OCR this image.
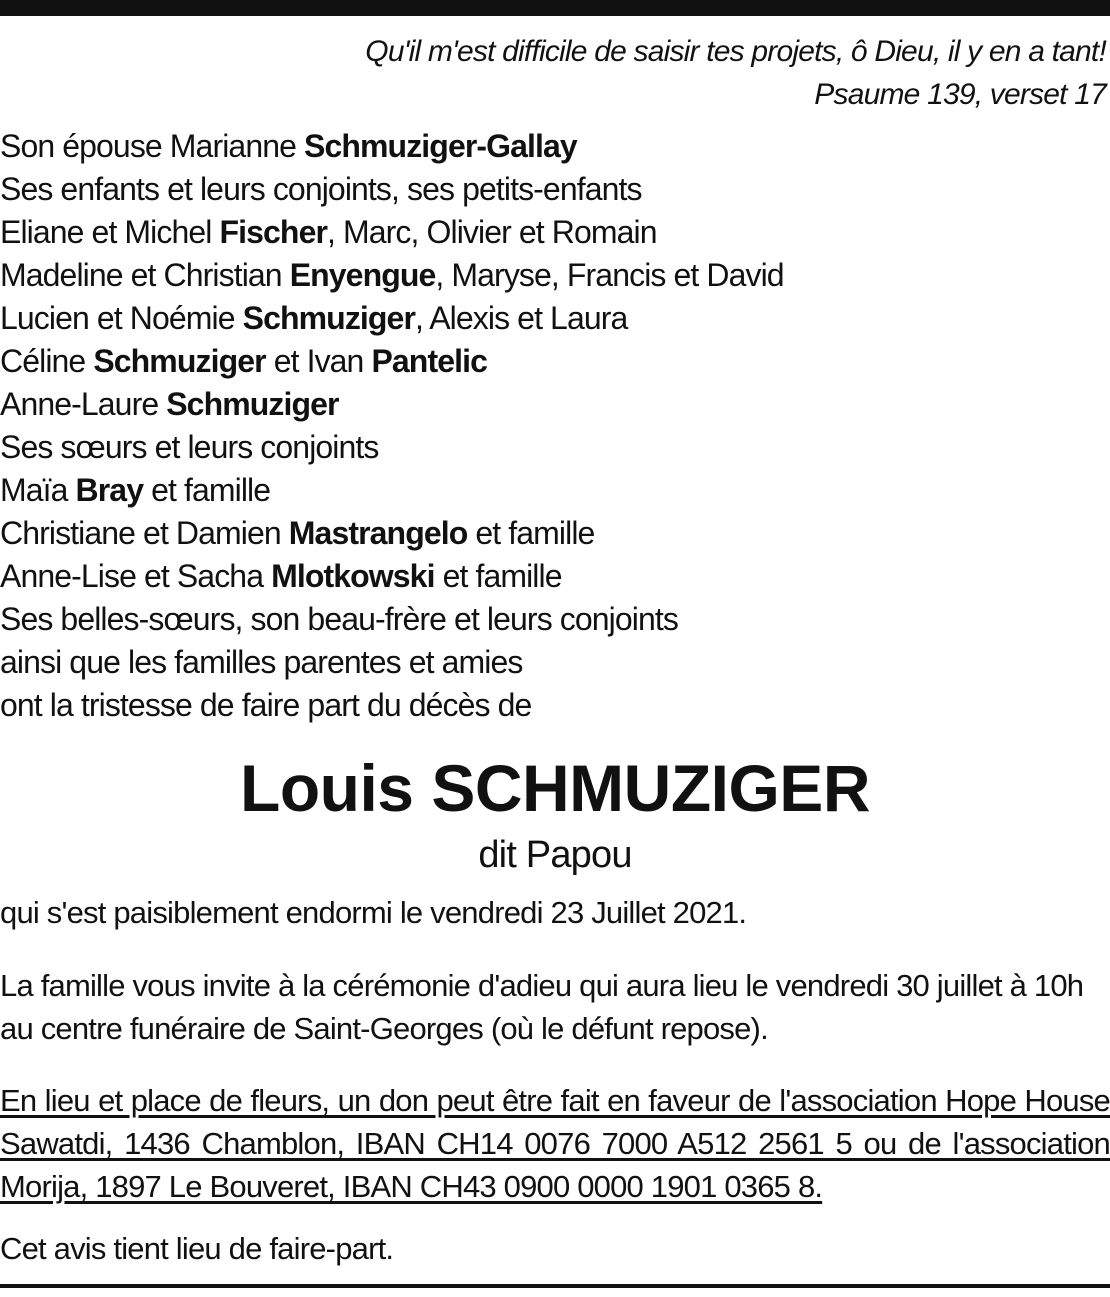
Qu'il m'est difficile de saisir tes projets, ô Dieu, il y en a tant!
Psaume 139, verset 17
Son épouse Marianne Schmuziger-Gallay
Ses enfants et leurs conjoints, ses petits-enfants
Eliane et Michel Fischer, Marc, Olivier et Romain
Madeline et Christian Enyengue, Maryse, Francis et David
Lucien et Noémie Schmuziger, Alexis et Laura
Céline Schmuziger et Ivan Pantelic
Anne-Laure Schmuziger
Ses sœurs et leurs conjoints
Maïa Bray et famille
Christiane et Damien Mastrangelo et famille
Anne-Lise et Sacha Mlotkowski et famille
Ses belles-sœurs, son beau-frère et leurs conjoints
ainsi que les familles parentes et amies
ont la tristesse de faire part du décès de
Louis SCHMUZIGER
dit Papou
qui s'est paisiblement endormi le vendredi 23 Juillet 2021.
La famille vous invite à la cérémonie d'adieu qui aura lieu le vendredi 30 juillet à 10h au centre funéraire de Saint-Georges (où le défunt repose).
En lieu et place de fleurs, un don peut être fait en faveur de l'association Hope House Sawatdi, 1436 Chamblon, IBAN CH14 0076 7000 A512 2561 5 ou de l'association Morija, 1897 Le Bouveret, IBAN CH43 0900 0000 1901 0365 8.
Cet avis tient lieu de faire-part.
